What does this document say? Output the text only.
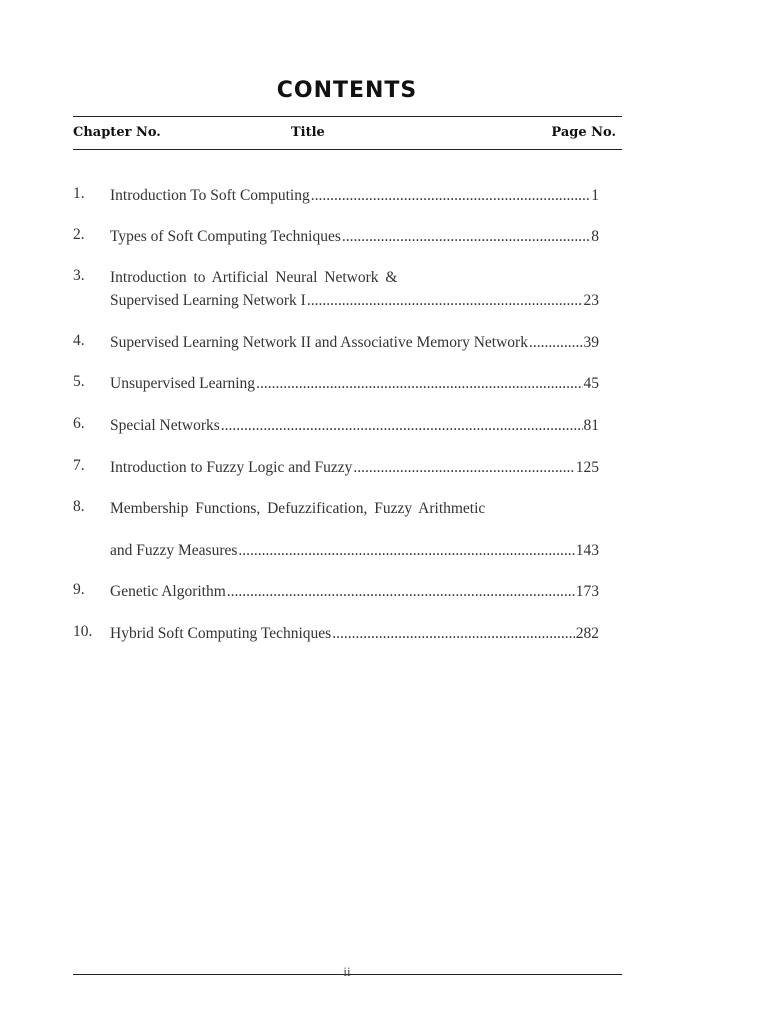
CONTENTS
Chapter No.	Title	Page No.
1. Introduction To Soft Computing .....	1
2. Types of Soft Computing Techniques .....	8
3. Introduction to Artificial Neural Network &
Supervised Learning Network I .....	23
4. Supervised Learning Network II and Associative Memory Network .....	39
5. Unsupervised Learning .....	45
6. Special Networks .....	81
7. Introduction to Fuzzy Logic and Fuzzy .....	125
8. Membership Functions, Defuzzification, Fuzzy Arithmetic
and Fuzzy Measures .....	143
9. Genetic Algorithm .....	173
10. Hybrid Soft Computing Techniques .....	282
ii
